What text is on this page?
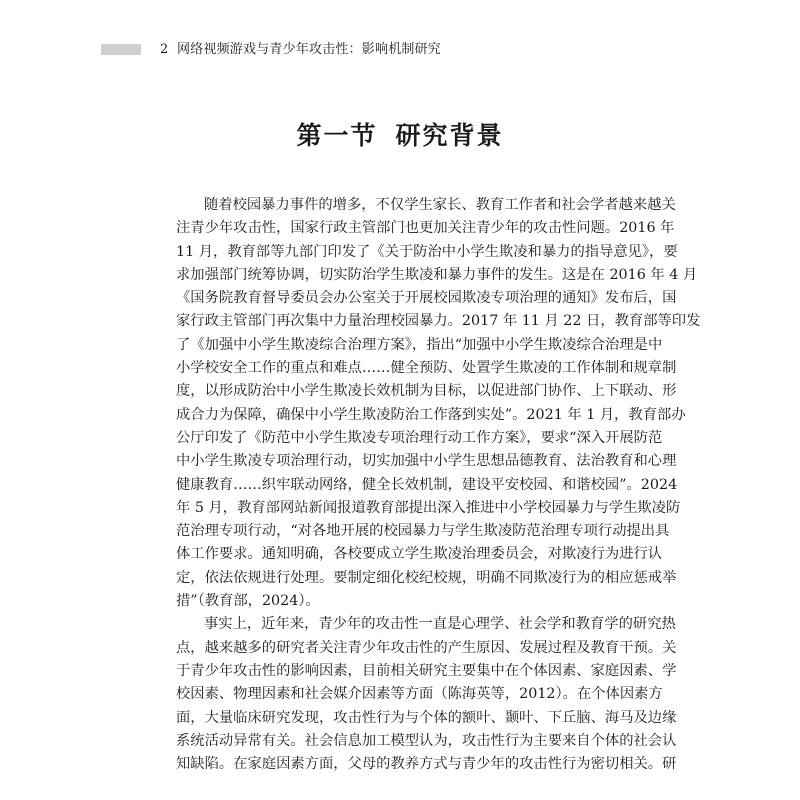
2 网络视频游戏与青少年攻击性：影响机制研究
第一节 研究背景
随着校园暴力事件的增多，不仅学生家长、教育工作者和社会学者越来越关
注青少年攻击性，国家行政主管部门也更加关注青少年的攻击性问题。2016 年
11 月，教育部等九部门印发了《关于防治中小学生欺凌和暴力的指导意见》，要
求加强部门统筹协调，切实防治学生欺凌和暴力事件的发生。这是在 2016 年 4 月
《国务院教育督导委员会办公室关于开展校园欺凌专项治理的通知》发布后，国
家行政主管部门再次集中力量治理校园暴力。2017 年 11 月 22 日，教育部等印发
了《加强中小学生欺凌综合治理方案》，指出“加强中小学生欺凌综合治理是中
小学校安全工作的重点和难点……健全预防、处置学生欺凌的工作体制和规章制
度，以形成防治中小学生欺凌长效机制为目标，以促进部门协作、上下联动、形
成合力为保障，确保中小学生欺凌防治工作落到实处”。2021 年 1 月，教育部办
公厅印发了《防范中小学生欺凌专项治理行动工作方案》，要求“深入开展防范
中小学生欺凌专项治理行动，切实加强中小学生思想品德教育、法治教育和心理
健康教育……织牢联动网络，健全长效机制，建设平安校园、和谐校园”。2024
年 5 月，教育部网站新闻报道教育部提出深入推进中小学校园暴力与学生欺凌防
范治理专项行动，“对各地开展的校园暴力与学生欺凌防范治理专项行动提出具
体工作要求。通知明确，各校要成立学生欺凌治理委员会，对欺凌行为进行认
定，依法依规进行处理。要制定细化校纪校规，明确不同欺凌行为的相应惩戒举
措”（教育部，2024）。
事实上，近年来，青少年的攻击性一直是心理学、社会学和教育学的研究热
点，越来越多的研究者关注青少年攻击性的产生原因、发展过程及教育干预。关
于青少年攻击性的影响因素，目前相关研究主要集中在个体因素、家庭因素、学
校因素、物理因素和社会媒介因素等方面（陈海英等，2012）。在个体因素方
面，大量临床研究发现，攻击性行为与个体的额叶、颞叶、下丘脑、海马及边缘
系统活动异常有关。社会信息加工模型认为，攻击性行为主要来自个体的社会认
知缺陷。在家庭因素方面，父母的教养方式与青少年的攻击性行为密切相关。研
